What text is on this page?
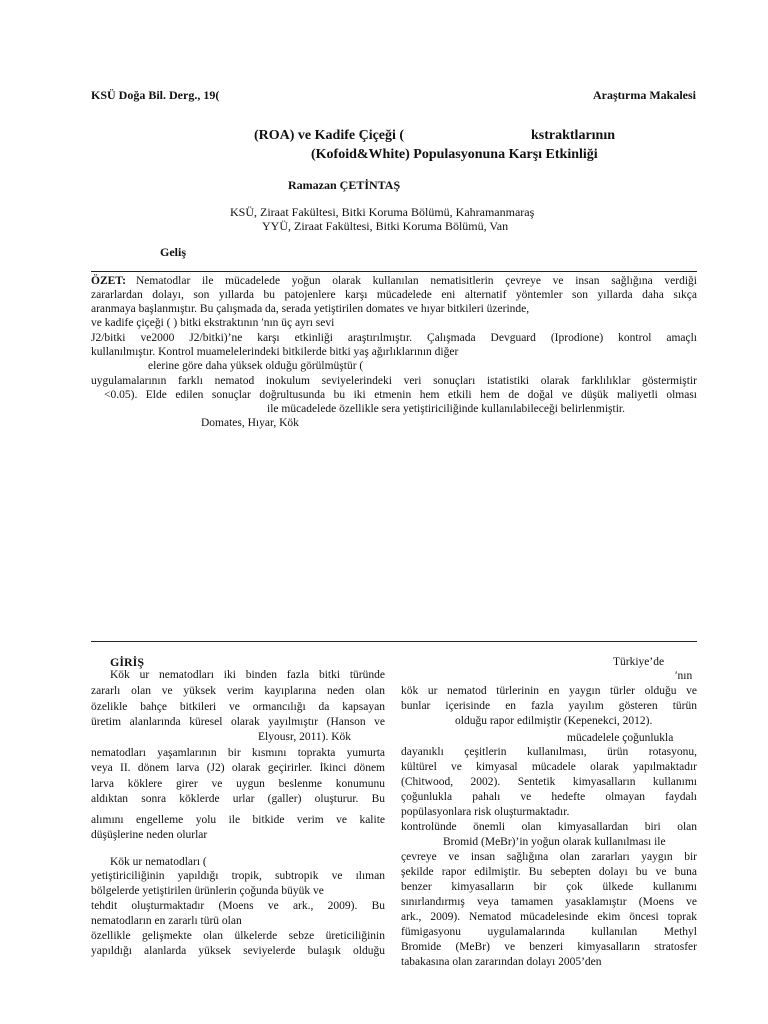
KSÜ Doğa Bil. Derg., 19(	Araştırma Makalesi
(ROA) ve Kadife Çiçeği (	kstraktlarının
(Kofoid&White) Populasyonuna Karşı Etkinliği
Ramazan ÇETİNTAŞ
KSÜ, Ziraat Fakültesi, Bitki Koruma Bölümü, Kahramanmaraş
YYÜ, Ziraat Fakültesi, Bitki Koruma Bölümü, Van
Geliş
ÖZET: Nematodlar ile mücadelede yoğun olarak kullanılan nematisitlerin çevreye ve insan sağlığına verdiği
zararlardan dolayı, son yıllarda bu patojenlere karşı mücadelede eni alternatif yöntemler son yıllarda daha sıkça
aranmaya başlanmıştır. Bu çalışmada da, serada yetiştirilen domates ve hıyar bitkileri üzerinde,
ve kadife çiçeği ( ) bitki ekstraktının ′nın üç ayrı sevi
J2/bitki ve2000 J2/bitki)’ne karşı etkinliği araştırılmıştır. Çalışmada Devguard (Iprodione) kontrol amaçlı
kullanılmıştır. Kontrol muamelelerindeki bitkilerde bitki yaş ağırlıklarının diğer
elerine göre daha yüksek olduğu görülmüştür (
uygulamalarının farklı nematod inokulum seviyelerindeki veri sonuçları istatistiki olarak farklılıklar göstermiştir
<0.05). Elde edilen sonuçlar doğrultusunda bu iki etmenin hem etkili hem de doğal ve düşük maliyetli olması
ile mücadelede özellikle sera yetiştiriciliğinde kullanılabileceği belirlenmiştir.
Domates, Hıyar, Kök
GİRİŞ
Kök ur nematodları iki binden fazla bitki türünde
zararlı olan ve yüksek verim kayıplarına neden olan
özelikle bahçe bitkileri ve ormancılığı da kapsayan
üretim alanlarında küresel olarak yayılmıştır (Hanson ve
Elyousr, 2011). Kök
nematodları yaşamlarının bir kısmını toprakta yumurta
veya II. dönem larva (J2) olarak geçirirler. İkinci dönem
larva köklere girer ve uygun beslenme konumunu
aldıktan sonra köklerde urlar (galler) oluşturur. Bu
alımını engelleme yolu ile bitkide verim ve kalite
düşüşlerine neden olurlar
Kök ur nematodları (
yetiştiriciliğinin yapıldığı tropik, subtropik ve ılıman
bölgelerde yetiştirilen ürünlerin çoğunda büyük ve
tehdit oluşturmaktadır (Moens ve ark., 2009). Bu
nematodların en zararlı türü olan
özellikle gelişmekte olan ülkelerde sebze üreticiliğinin
yapıldığı alanlarda yüksek seviyelerde bulaşık olduğu
Türkiye’de
′nın
kök ur nematod türlerinin en yaygın türler olduğu ve
bunlar içerisinde en fazla yayılım gösteren türün
olduğu rapor edilmiştir (Kepenekci, 2012).
mücadelele çoğunlukla
dayanıklı çeşitlerin kullanılması, ürün rotasyonu,
kültürel ve kimyasal mücadele olarak yapılmaktadır
(Chitwood, 2002). Sentetik kimyasalların kullanımı
çoğunlukla pahalı ve hedefte olmayan faydalı
popülasyonlara risk oluşturmaktadır.
kontrolünde önemli olan kimyasallardan biri olan
Bromid (MeBr)’in yoğun olarak kullanılması ile
çevreye ve insan sağlığına olan zararları yaygın bir
şekilde rapor edilmiştir. Bu sebepten dolayı bu ve buna
benzer kimyasalların bir çok ülkede kullanımı
sınırlandırmış veya tamamen yasaklamıştır (Moens ve
ark., 2009). Nematod mücadelesinde ekim öncesi toprak
fümigasyonu uygulamalarında kullanılan Methyl
Bromide (MeBr) ve benzeri kimyasalların stratosfer
tabakasına olan zararından dolayı 2005’den
